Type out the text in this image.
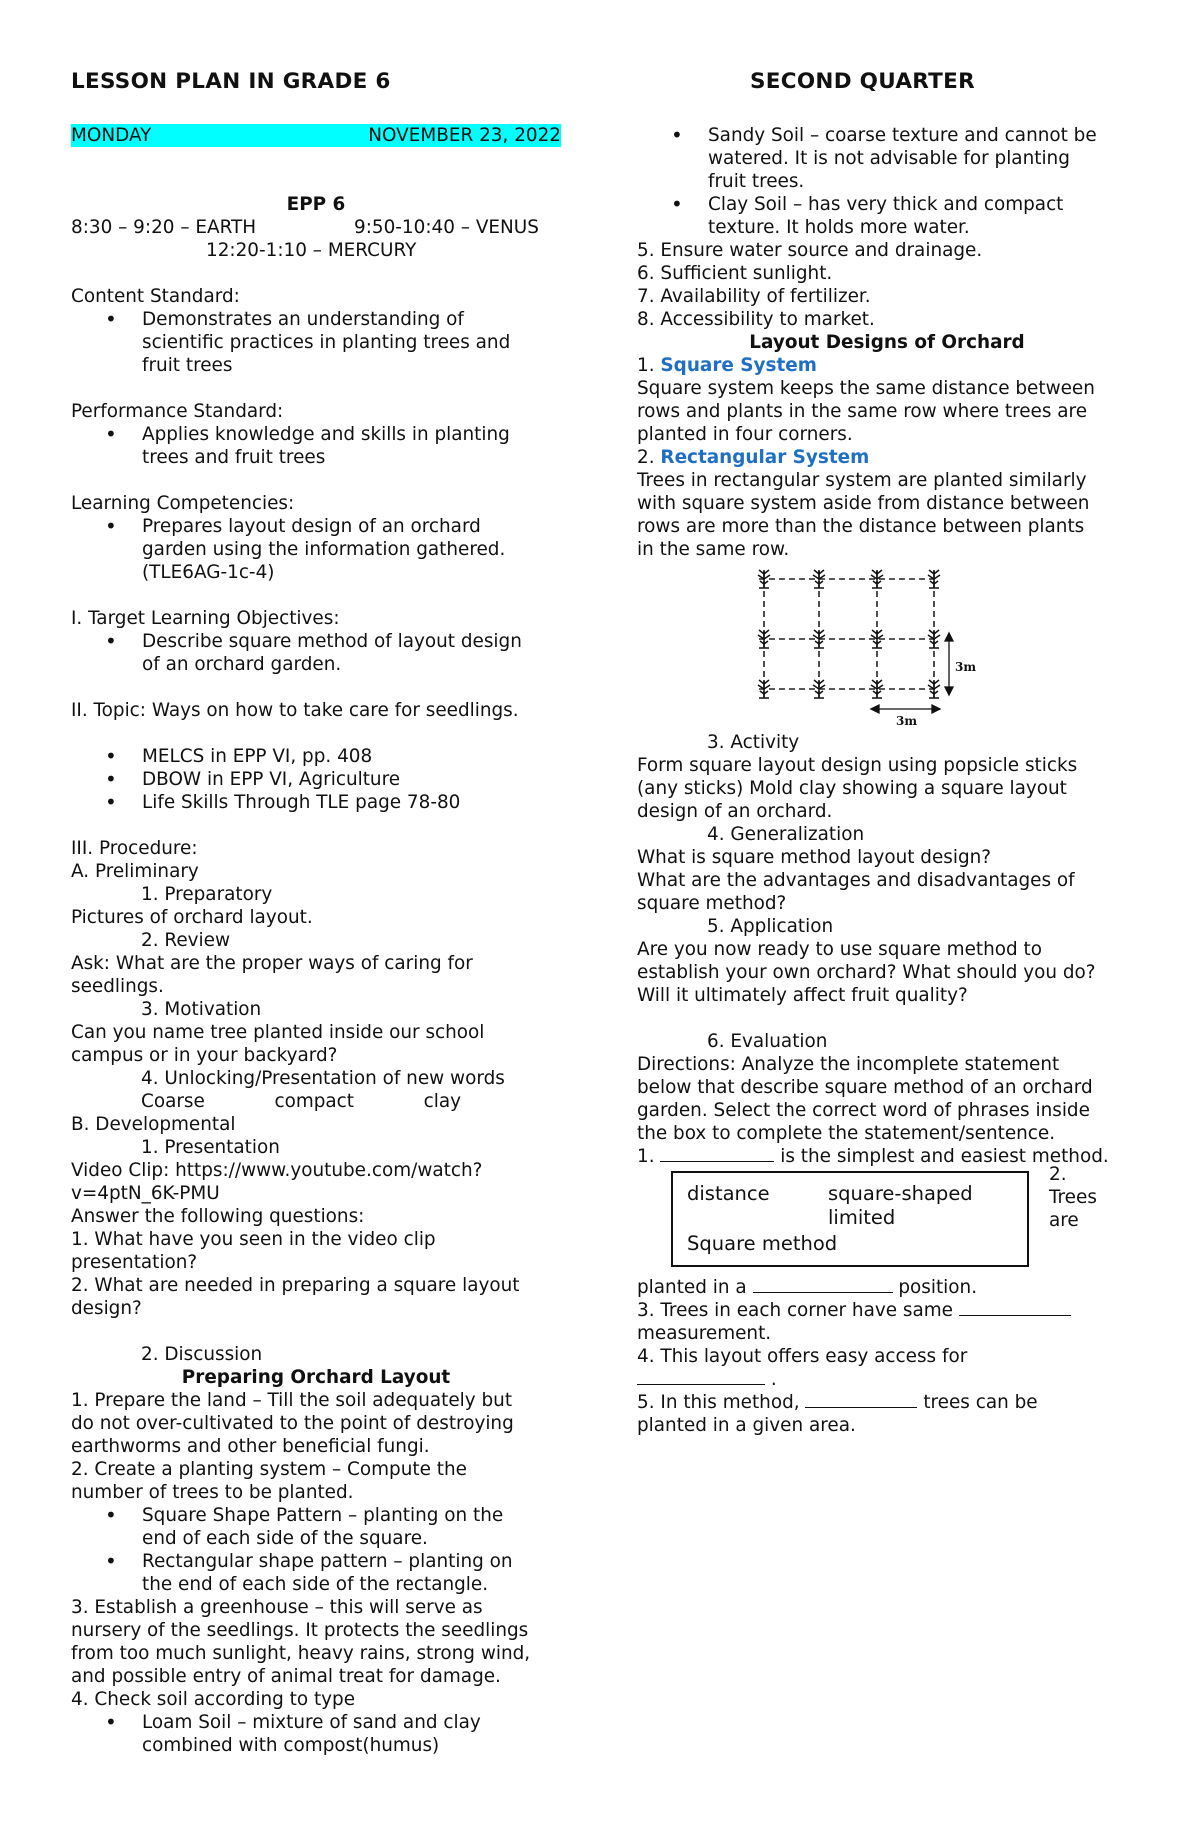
LESSON PLAN IN GRADE 6	SECOND QUARTER
MONDAY	NOVEMBER 23, 2022
EPP 6
8:30 – 9:20 – EARTH	9:50-10:40 – VENUS
12:20-1:10 – MERCURY
Content Standard:
• Demonstrates an understanding of
scientific practices in planting trees and
fruit trees
Performance Standard:
• Applies knowledge and skills in planting
trees and fruit trees
Learning Competencies:
• Prepares layout design of an orchard
garden using the information gathered.
(TLE6AG-1c-4)
I. Target Learning Objectives:
• Describe square method of layout design
of an orchard garden.
II. Topic: Ways on how to take care for seedlings.
• MELCS in EPP VI, pp. 408
• DBOW in EPP VI, Agriculture
• Life Skills Through TLE page 78-80
III. Procedure:
A. Preliminary
1. Preparatory
Pictures of orchard layout.
2. Review
Ask: What are the proper ways of caring for
seedlings.
3. Motivation
Can you name tree planted inside our school
campus or in your backyard?
4. Unlocking/Presentation of new words
Coarse	compact	clay
B. Developmental
1. Presentation
Video Clip: https://www.youtube.com/watch?
v=4ptN_6K-PMU
Answer the following questions:
1. What have you seen in the video clip
presentation?
2. What are needed in preparing a square layout
design?
2. Discussion
Preparing Orchard Layout
1. Prepare the land – Till the soil adequately but
do not over-cultivated to the point of destroying
earthworms and other beneficial fungi.
2. Create a planting system – Compute the
number of trees to be planted.
• Square Shape Pattern – planting on the
end of each side of the square.
• Rectangular shape pattern – planting on
the end of each side of the rectangle.
3. Establish a greenhouse – this will serve as
nursery of the seedlings. It protects the seedlings
from too much sunlight, heavy rains, strong wind,
and possible entry of animal treat for damage.
4. Check soil according to type
• Loam Soil – mixture of sand and clay
combined with compost(humus)
• Sandy Soil – coarse texture and cannot be
watered. It is not advisable for planting
fruit trees.
• Clay Soil – has very thick and compact
texture. It holds more water.
5. Ensure water source and drainage.
6. Sufficient sunlight.
7. Availability of fertilizer.
8. Accessibility to market.
Layout Designs of Orchard
1. Square System
Square system keeps the same distance between
rows and plants in the same row where trees are
planted in four corners.
2. Rectangular System
Trees in rectangular system are planted similarly
with square system aside from distance between
rows are more than the distance between plants
in the same row.
3m
3m
3. Activity
Form square layout design using popsicle sticks
(any sticks) Mold clay showing a square layout
design of an orchard.
4. Generalization
What is square method layout design?
What are the advantages and disadvantages of
square method?
5. Application
Are you now ready to use square method to
establish your own orchard? What should you do?
Will it ultimately affect fruit quality?
6. Evaluation
Directions: Analyze the incomplete statement
below that describe square method of an orchard
garden. Select the correct word of phrases inside
the box to complete the statement/sentence.
1.	is the simplest and easiest method.
distance	square-shaped
limited
Square method
2.
Trees
are
planted in a	position.
3. Trees in each corner have same
measurement.
4. This layout offers easy access for
.
5. In this method,	trees can be
planted in a given area.
